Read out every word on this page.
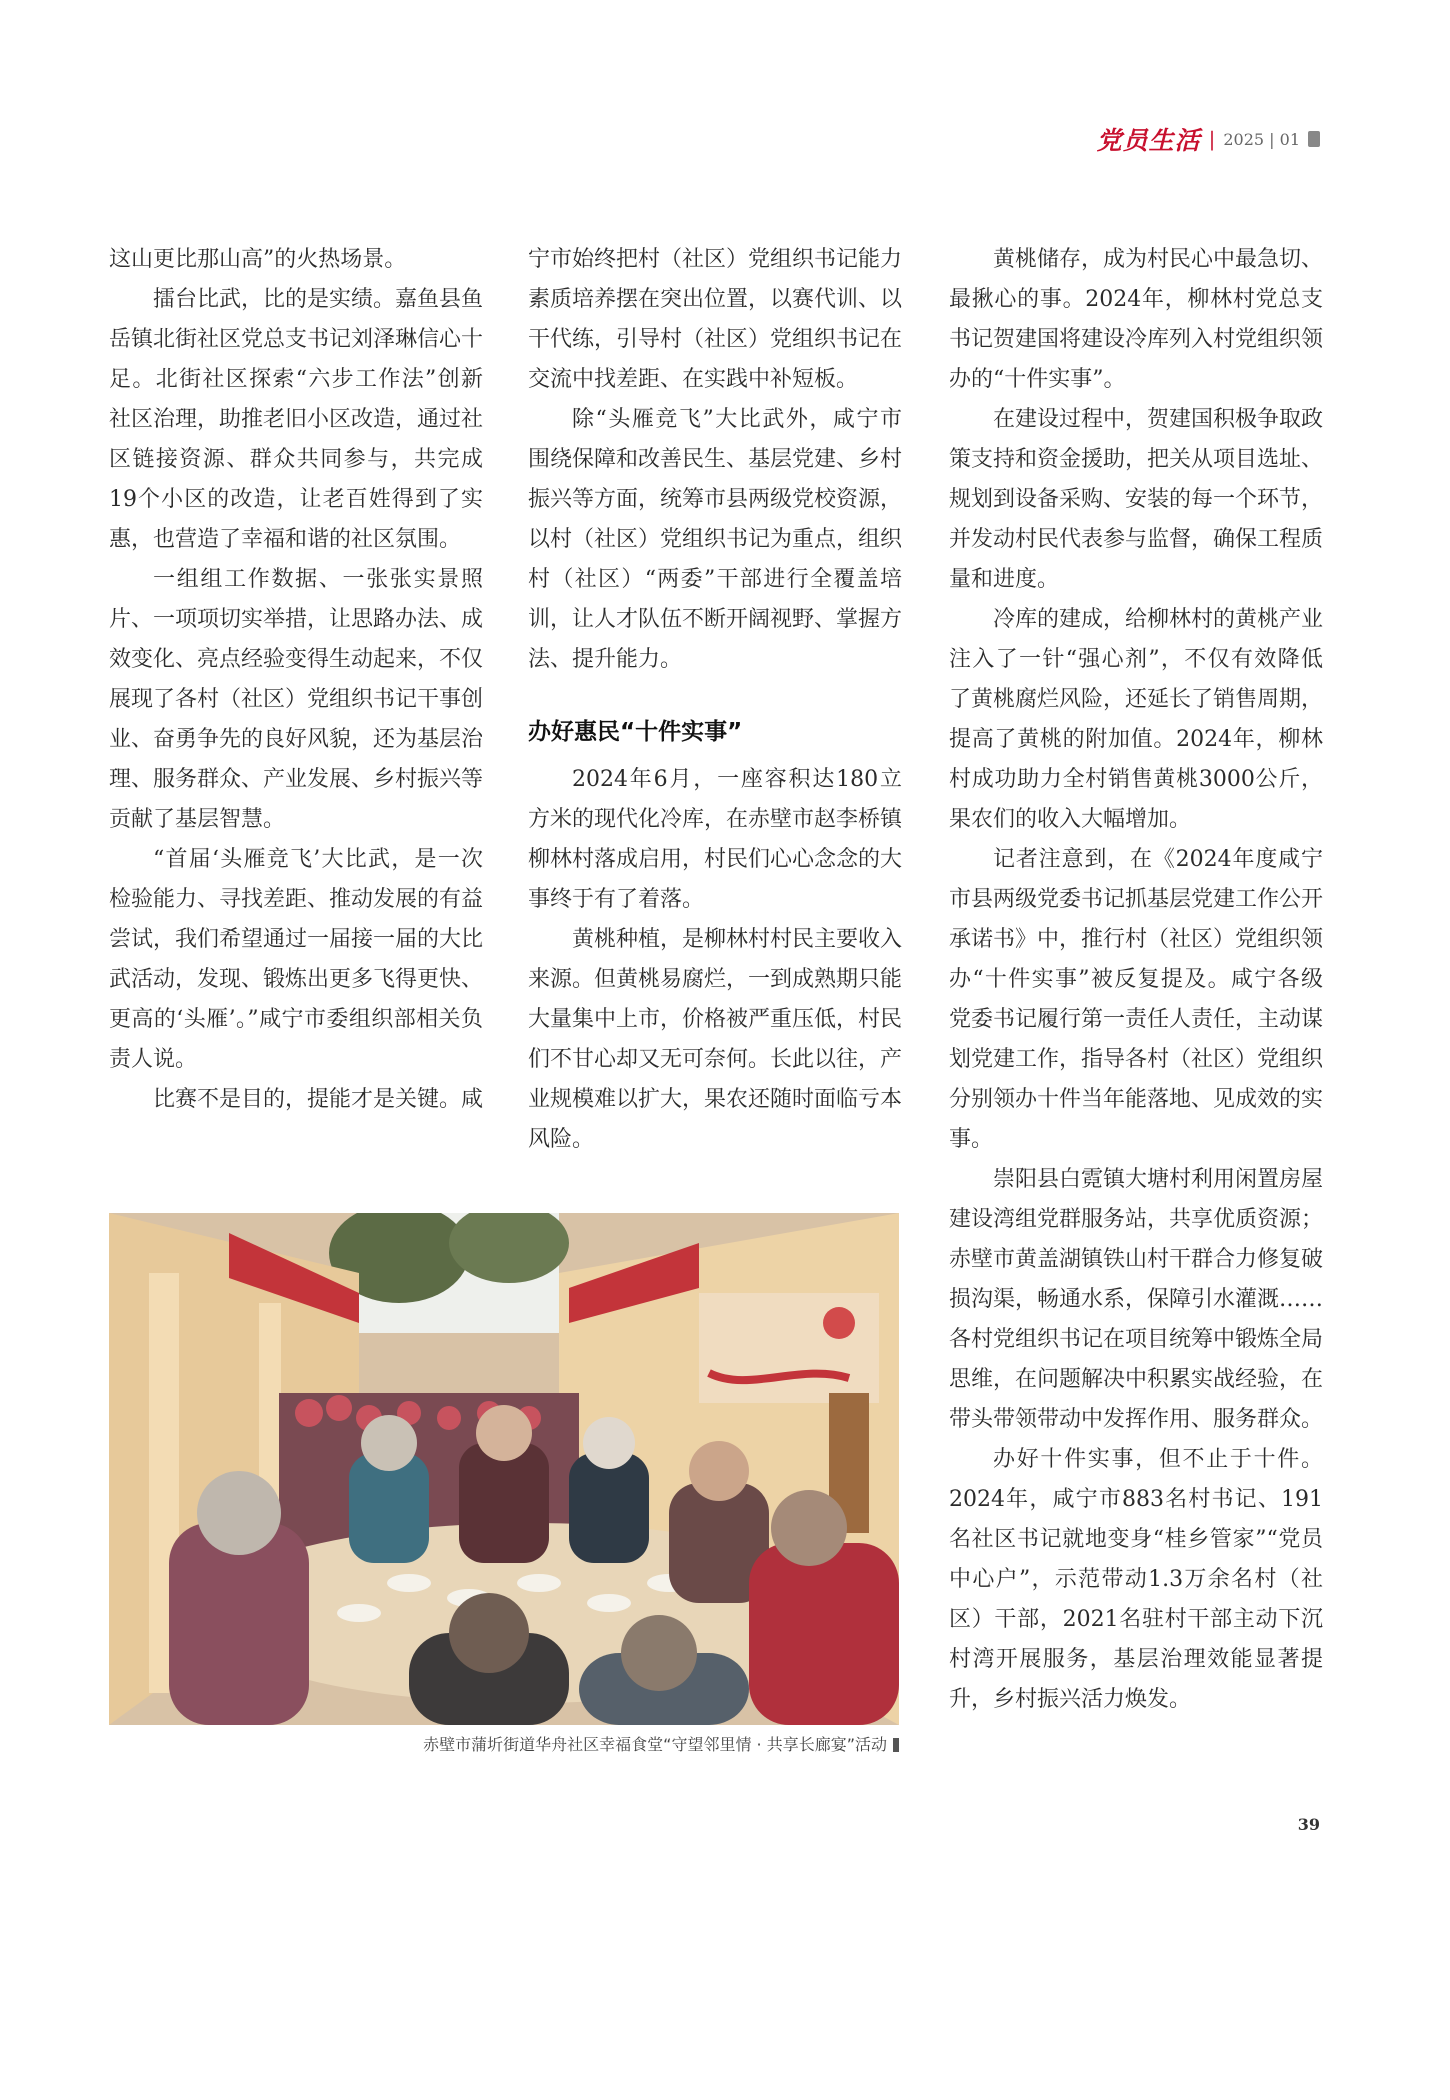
党员生活 | 2025 | 01

这山更比那山高”的火热场景。

擂台比武，比的是实绩。嘉鱼县鱼岳镇北街社区党总支书记刘泽琳信心十足。北街社区探索“六步工作法”创新社区治理，助推老旧小区改造，通过社区链接资源、群众共同参与，共完成19个小区的改造，让老百姓得到了实惠，也营造了幸福和谐的社区氛围。

一组组工作数据、一张张实景照片、一项项切实举措，让思路办法、成效变化、亮点经验变得生动起来，不仅展现了各村（社区）党组织书记干事创业、奋勇争先的良好风貌，还为基层治理、服务群众、产业发展、乡村振兴等贡献了基层智慧。

“首届‘头雁竞飞’大比武，是一次检验能力、寻找差距、推动发展的有益尝试，我们希望通过一届接一届的大比武活动，发现、锻炼出更多飞得更快、更高的‘头雁’。”咸宁市委组织部相关负责人说。

比赛不是目的，提能才是关键。咸

宁市始终把村（社区）党组织书记能力素质培养摆在突出位置，以赛代训、以干代练，引导村（社区）党组织书记在交流中找差距、在实践中补短板。

除“头雁竞飞”大比武外，咸宁市围绕保障和改善民生、基层党建、乡村振兴等方面，统筹市县两级党校资源，以村（社区）党组织书记为重点，组织村（社区）“两委”干部进行全覆盖培训，让人才队伍不断开阔视野、掌握方法、提升能力。

办好惠民“十件实事”

2024年6月，一座容积达180立方米的现代化冷库，在赤壁市赵李桥镇柳林村落成启用，村民们心心念念的大事终于有了着落。

黄桃种植，是柳林村村民主要收入来源。但黄桃易腐烂，一到成熟期只能大量集中上市，价格被严重压低，村民们不甘心却又无可奈何。长此以往，产业规模难以扩大，果农还随时面临亏本风险。

黄桃储存，成为村民心中最急切、最揪心的事。2024年，柳林村党总支书记贺建国将建设冷库列入村党组织领办的“十件实事”。

在建设过程中，贺建国积极争取政策支持和资金援助，把关从项目选址、规划到设备采购、安装的每一个环节，并发动村民代表参与监督，确保工程质量和进度。

冷库的建成，给柳林村的黄桃产业注入了一针“强心剂”，不仅有效降低了黄桃腐烂风险，还延长了销售周期，提高了黄桃的附加值。2024年，柳林村成功助力全村销售黄桃3000公斤，果农们的收入大幅增加。

记者注意到，在《2024年度咸宁市县两级党委书记抓基层党建工作公开承诺书》中，推行村（社区）党组织领办“十件实事”被反复提及。咸宁各级党委书记履行第一责任人责任，主动谋划党建工作，指导各村（社区）党组织分别领办十件当年能落地、见成效的实事。

崇阳县白霓镇大塘村利用闲置房屋建设湾组党群服务站，共享优质资源；赤壁市黄盖湖镇铁山村干群合力修复破损沟渠，畅通水系，保障引水灌溉……各村党组织书记在项目统筹中锻炼全局思维，在问题解决中积累实战经验，在带头带领带动中发挥作用、服务群众。

办好十件实事，但不止于十件。2024年，咸宁市883名村书记、191名社区书记就地变身“桂乡管家”“党员中心户”，示范带动1.3万余名村（社区）干部，2021名驻村干部主动下沉村湾开展服务，基层治理效能显著提升，乡村振兴活力焕发。

赤壁市蒲圻街道华舟社区幸福食堂“守望邻里情 · 共享长廊宴”活动
39
